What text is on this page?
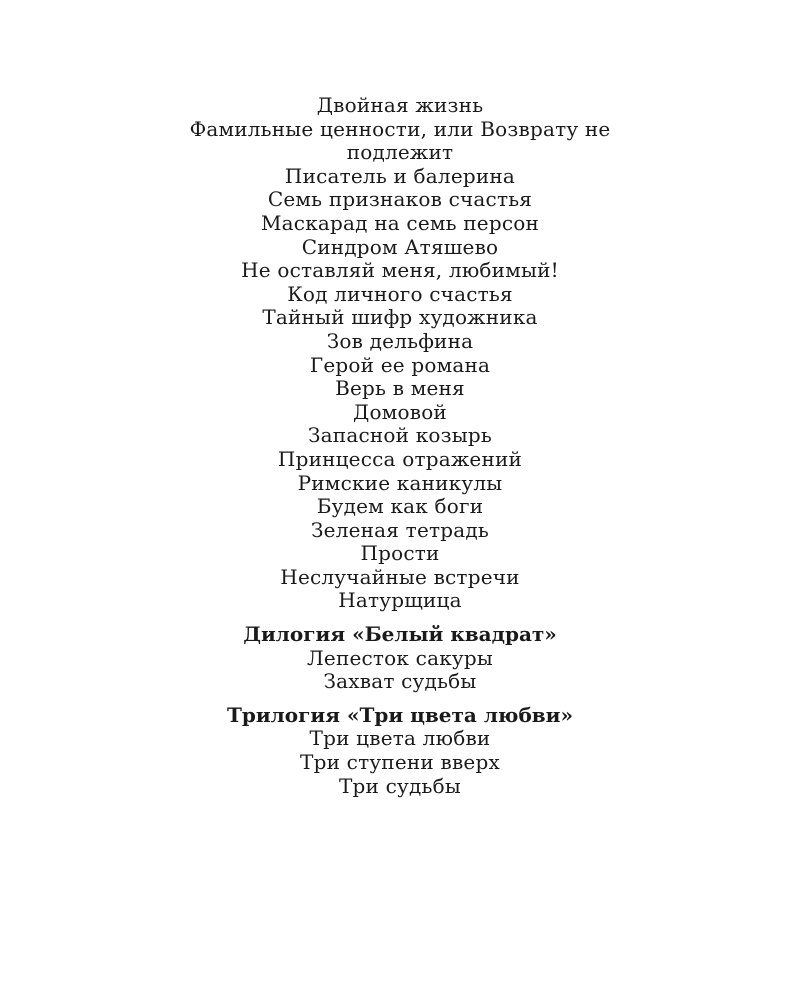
Двойная жизнь
Фамильные ценности, или Возврату не подлежит
Писатель и балерина
Семь признаков счастья
Маскарад на семь персон
Синдром Атяшево
Не оставляй меня, любимый!
Код личного счастья
Тайный шифр художника
Зов дельфина
Герой ее романа
Верь в меня
Домовой
Запасной козырь
Принцесса отражений
Римские каникулы
Будем как боги
Зеленая тетрадь
Прости
Неслучайные встречи
Натурщица
Дилогия «Белый квадрат»
Лепесток сакуры
Захват судьбы
Трилогия «Три цвета любви»
Три цвета любви
Три ступени вверх
Три судьбы
